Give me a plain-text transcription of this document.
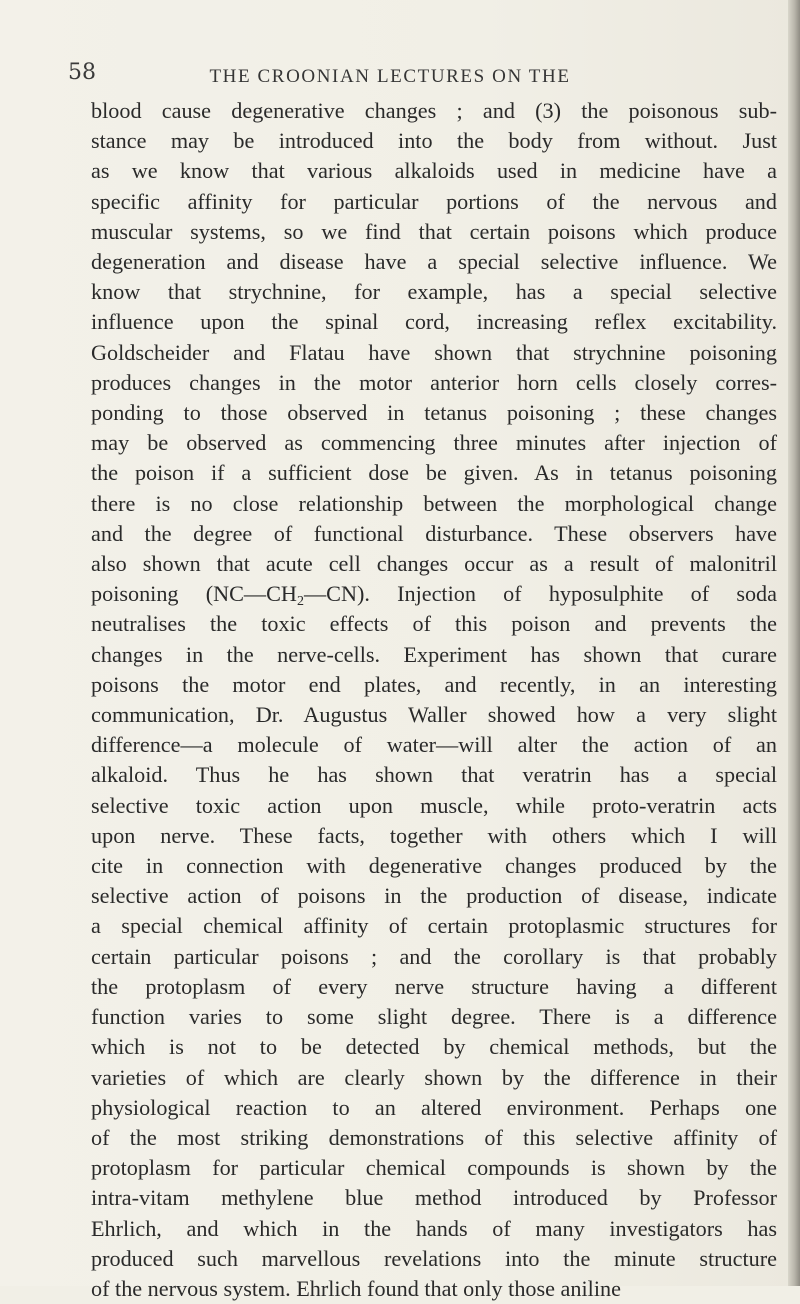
58	THE CROONIAN LECTURES ON THE

blood cause degenerative changes ; and (3) the poisonous sub-
stance may be introduced into the body from without. Just
as we know that various alkaloids used in medicine have a
specific affinity for particular portions of the nervous and
muscular systems, so we find that certain poisons which produce
degeneration and disease have a special selective influence. We
know that strychnine, for example, has a special selective
influence upon the spinal cord, increasing reflex excitability.
Goldscheider and Flatau have shown that strychnine poisoning
produces changes in the motor anterior horn cells closely corres-
ponding to those observed in tetanus poisoning ; these changes
may be observed as commencing three minutes after injection of
the poison if a sufficient dose be given. As in tetanus poisoning
there is no close relationship between the morphological change
and the degree of functional disturbance. These observers have
also shown that acute cell changes occur as a result of malonitril
poisoning $(NC—CH_2—CN)$. Injection of hyposulphite of soda
neutralises the toxic effects of this poison and prevents the
changes in the nerve-cells. Experiment has shown that curare
poisons the motor end plates, and recently, in an interesting
communication, Dr. Augustus Waller showed how a very slight
difference—a molecule of water—will alter the action of an
alkaloid. Thus he has shown that veratrin has a special
selective toxic action upon muscle, while proto-veratrin acts
upon nerve. These facts, together with others which I will
cite in connection with degenerative changes produced by the
selective action of poisons in the production of disease, indicate
a special chemical affinity of certain protoplasmic structures for
certain particular poisons ; and the corollary is that probably
the protoplasm of every nerve structure having a different
function varies to some slight degree. There is a difference
which is not to be detected by chemical methods, but the
varieties of which are clearly shown by the difference in their
physiological reaction to an altered environment. Perhaps one
of the most striking demonstrations of this selective affinity of
protoplasm for particular chemical compounds is shown by the
intra-vitam methylene blue method introduced by Professor
Ehrlich, and which in the hands of many investigators has
produced such marvellous revelations into the minute structure
of the nervous system. Ehrlich found that only those aniline
